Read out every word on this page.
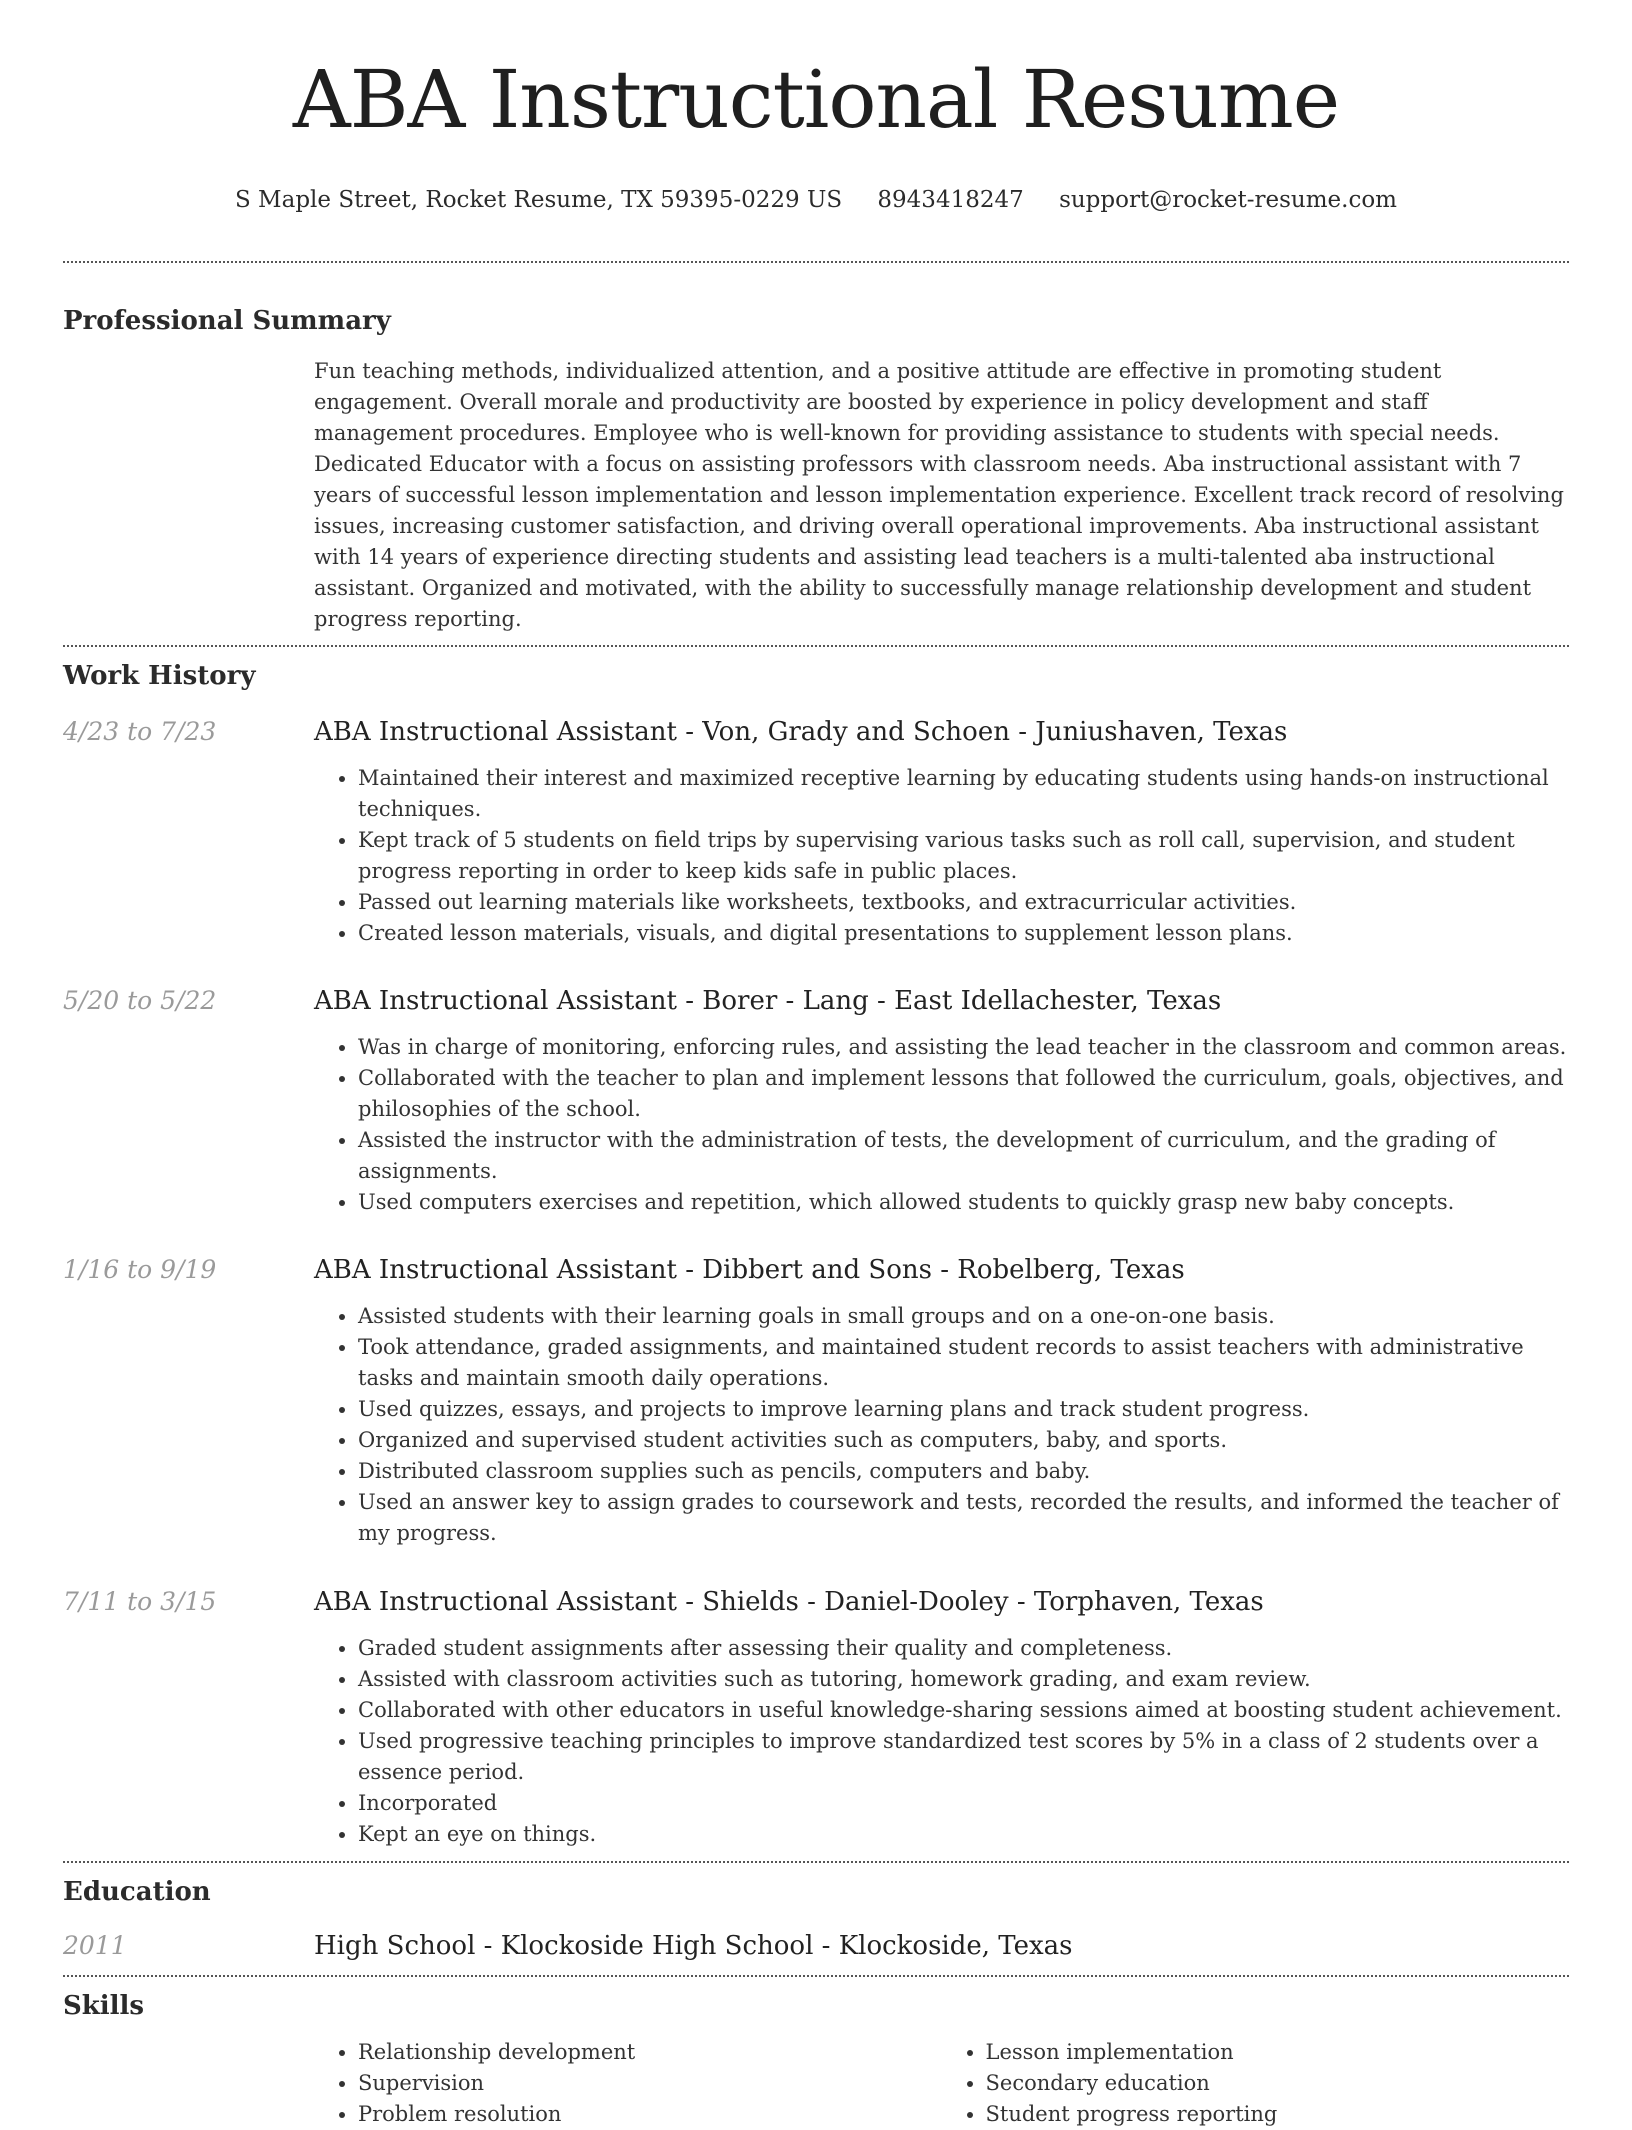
ABA Instructional Resume
S Maple Street, Rocket Resume, TX 59395-0229 US 8943418247 support@rocket-resume.com
Professional Summary

Fun teaching methods, individualized attention, and a positive attitude are effective in promoting student engagement. Overall morale and productivity are boosted by experience in policy development and staff management procedures. Employee who is well-known for providing assistance to students with special needs. Dedicated Educator with a focus on assisting professors with classroom needs. Aba instructional assistant with 7 years of successful lesson implementation and lesson implementation experience. Excellent track record of resolving issues, increasing customer satisfaction, and driving overall operational improvements. Aba instructional assistant with 14 years of experience directing students and assisting lead teachers is a multi-talented aba instructional assistant. Organized and motivated, with the ability to successfully manage relationship development and student progress reporting.

Work History
4/23 to 7/23	ABA Instructional Assistant - Von, Grady and Schoen - Juniushaven, Texas
• Maintained their interest and maximized receptive learning by educating students using hands-on instructional techniques.
• Kept track of 5 students on field trips by supervising various tasks such as roll call, supervision, and student progress reporting in order to keep kids safe in public places.
• Passed out learning materials like worksheets, textbooks, and extracurricular activities.
• Created lesson materials, visuals, and digital presentations to supplement lesson plans.
5/20 to 5/22	ABA Instructional Assistant - Borer - Lang - East Idellachester, Texas
• Was in charge of monitoring, enforcing rules, and assisting the lead teacher in the classroom and common areas.
• Collaborated with the teacher to plan and implement lessons that followed the curriculum, goals, objectives, and philosophies of the school.
• Assisted the instructor with the administration of tests, the development of curriculum, and the grading of assignments.
• Used computers exercises and repetition, which allowed students to quickly grasp new baby concepts.
1/16 to 9/19	ABA Instructional Assistant - Dibbert and Sons - Robelberg, Texas
• Assisted students with their learning goals in small groups and on a one-on-one basis.
• Took attendance, graded assignments, and maintained student records to assist teachers with administrative tasks and maintain smooth daily operations.
• Used quizzes, essays, and projects to improve learning plans and track student progress.
• Organized and supervised student activities such as computers, baby, and sports.
• Distributed classroom supplies such as pencils, computers and baby.
• Used an answer key to assign grades to coursework and tests, recorded the results, and informed the teacher of my progress.
7/11 to 3/15	ABA Instructional Assistant - Shields - Daniel-Dooley - Torphaven, Texas
• Graded student assignments after assessing their quality and completeness.
• Assisted with classroom activities such as tutoring, homework grading, and exam review.
• Collaborated with other educators in useful knowledge-sharing sessions aimed at boosting student achievement.
• Used progressive teaching principles to improve standardized test scores by 5% in a class of 2 students over a essence period.
• Incorporated
• Kept an eye on things.
Education
2011	High School - Klockoside High School - Klockoside, Texas
Skills
• Relationship development
• Supervision
• Problem resolution
• Lesson implementation
• Secondary education
• Student progress reporting
